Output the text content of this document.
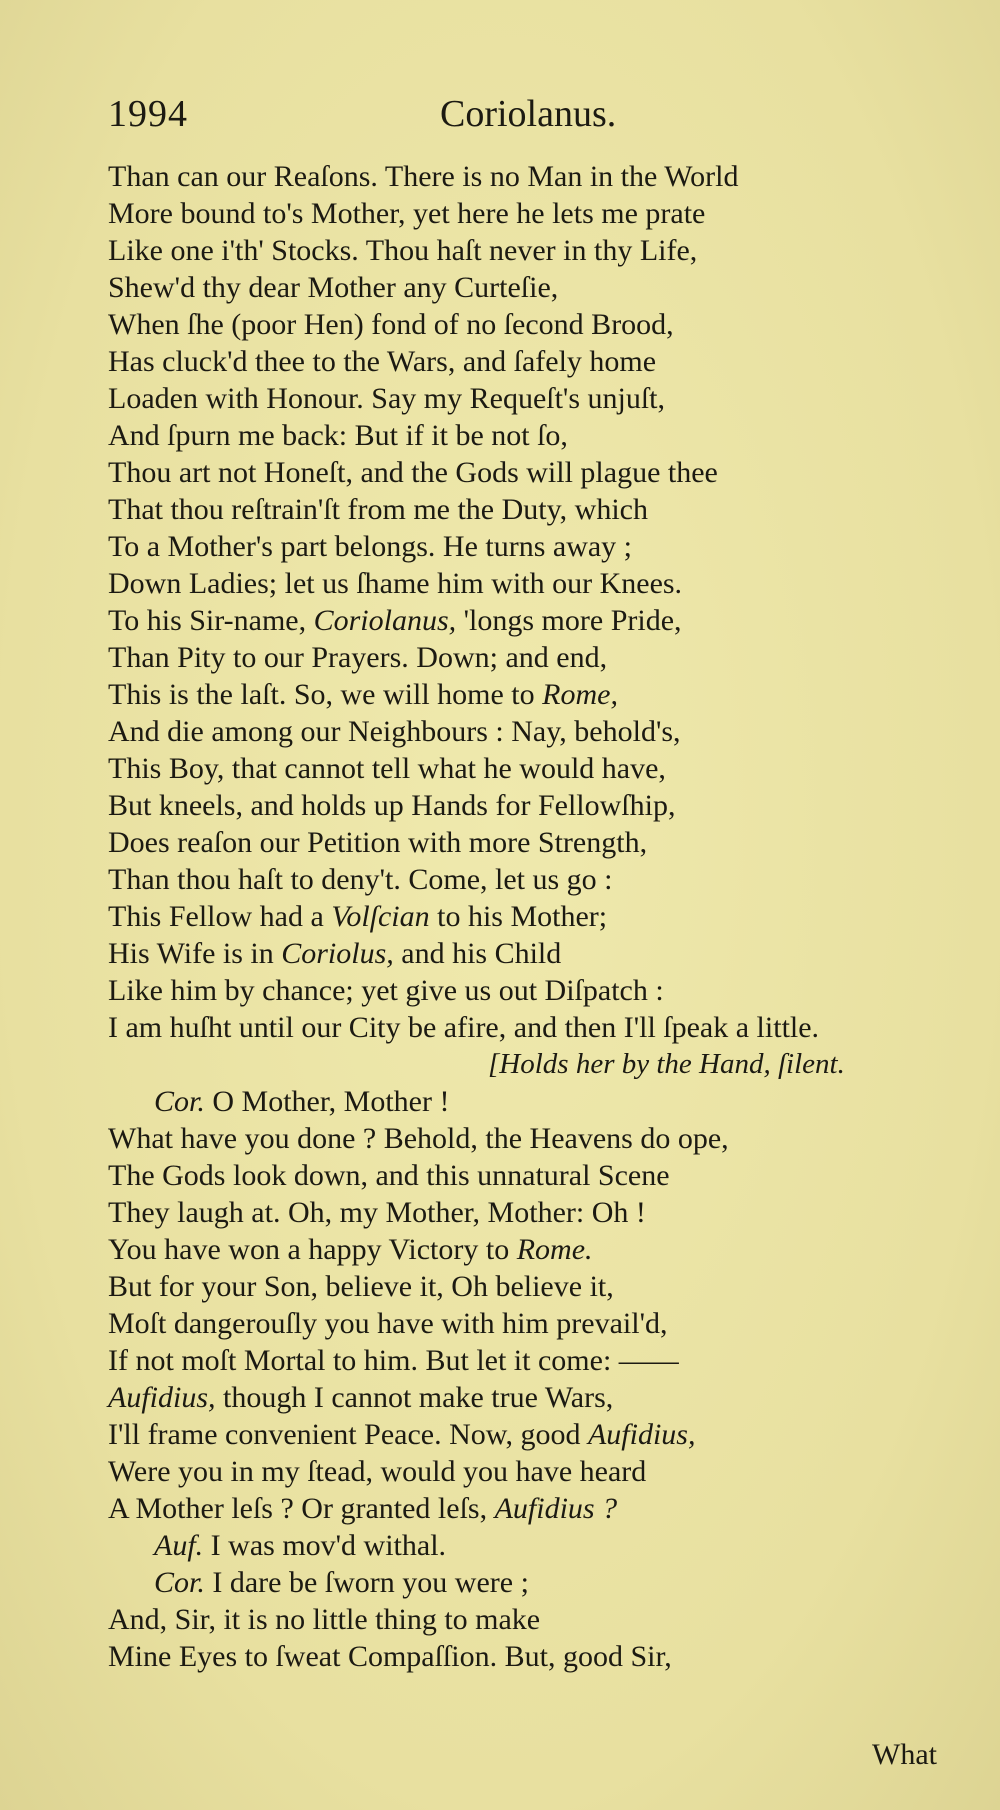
1994	Coriolanus.
Than can our Reaſons. There is no Man in the World
More bound to's Mother, yet here he lets me prate
Like one i'th' Stocks. Thou haſt never in thy Life,
Shew'd thy dear Mother any Curteſie,
When ſhe (poor Hen) fond of no ſecond Brood,
Has cluck'd thee to the Wars, and ſafely home
Loaden with Honour. Say my Requeſt's unjuſt,
And ſpurn me back: But if it be not ſo,
Thou art not Honeſt, and the Gods will plague thee
That thou reſtrain'ſt from me the Duty, which
To a Mother's part belongs. He turns away ;
Down Ladies; let us ſhame him with our Knees.
To his Sir-name, Coriolanus, 'longs more Pride,
Than Pity to our Prayers. Down; and end,
This is the laſt. So, we will home to Rome,
And die among our Neighbours : Nay, behold's,
This Boy, that cannot tell what he would have,
But kneels, and holds up Hands for Fellowſhip,
Does reaſon our Petition with more Strength,
Than thou haſt to deny't. Come, let us go :
This Fellow had a Volſcian to his Mother;
His Wife is in Coriolus, and his Child
Like him by chance; yet give us out Diſpatch :
I am huſht until our City be afire, and then I'll ſpeak a little.
[Holds her by the Hand, ſilent.
Cor. O Mother, Mother !
What have you done ? Behold, the Heavens do ope,
The Gods look down, and this unnatural Scene
They laugh at. Oh, my Mother, Mother: Oh !
You have won a happy Victory to Rome.
But for your Son, believe it, Oh believe it,
Moſt dangerouſly you have with him prevail'd,
If not moſt Mortal to him. But let it come: ——
Aufidius, though I cannot make true Wars,
I'll frame convenient Peace. Now, good Aufidius,
Were you in my ſtead, would you have heard
A Mother leſs ? Or granted leſs, Aufidius ?
Auf. I was mov'd withal.
Cor. I dare be ſworn you were ;
And, Sir, it is no little thing to make
Mine Eyes to ſweat Compaſſion. But, good Sir,
What
